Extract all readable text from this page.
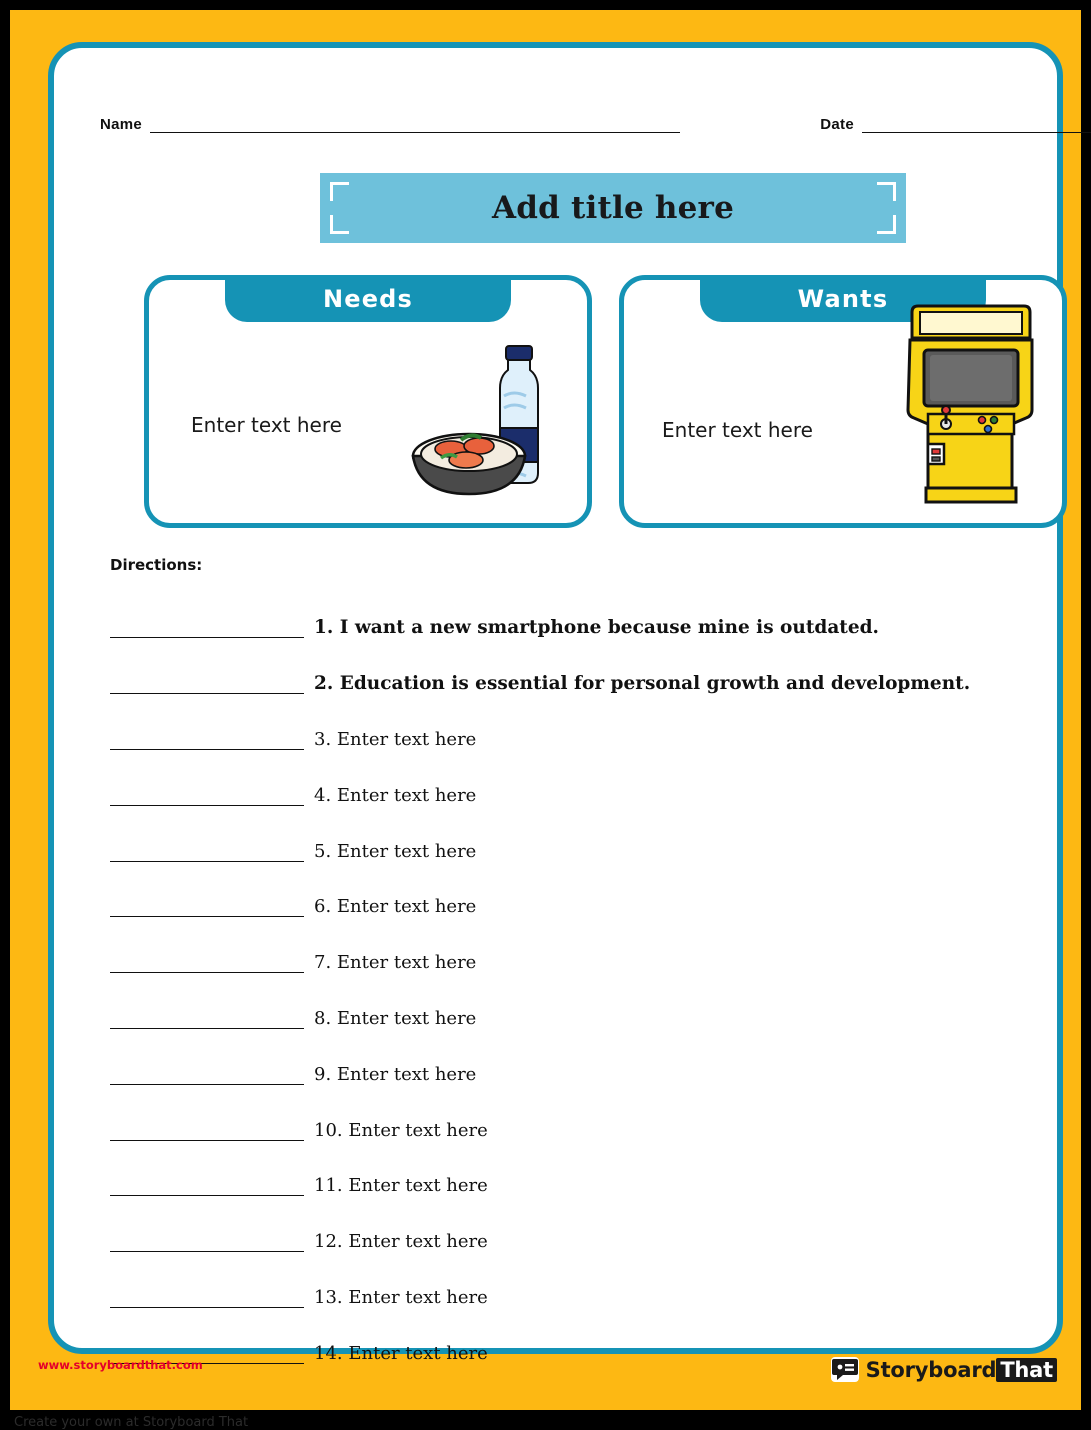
Name	Date
Add title here
Needs
Enter text here
Wants
Enter text here
Directions:
1. I want a new smartphone because mine is outdated.
2. Education is essential for personal growth and development.
3. Enter text here
4. Enter text here
5. Enter text here
6. Enter text here
7. Enter text here
8. Enter text here
9. Enter text here
10. Enter text here
11. Enter text here
12. Enter text here
13. Enter text here
14. Enter text here
www.storyboardthat.com	Storyboard That
Create your own at Storyboard That
